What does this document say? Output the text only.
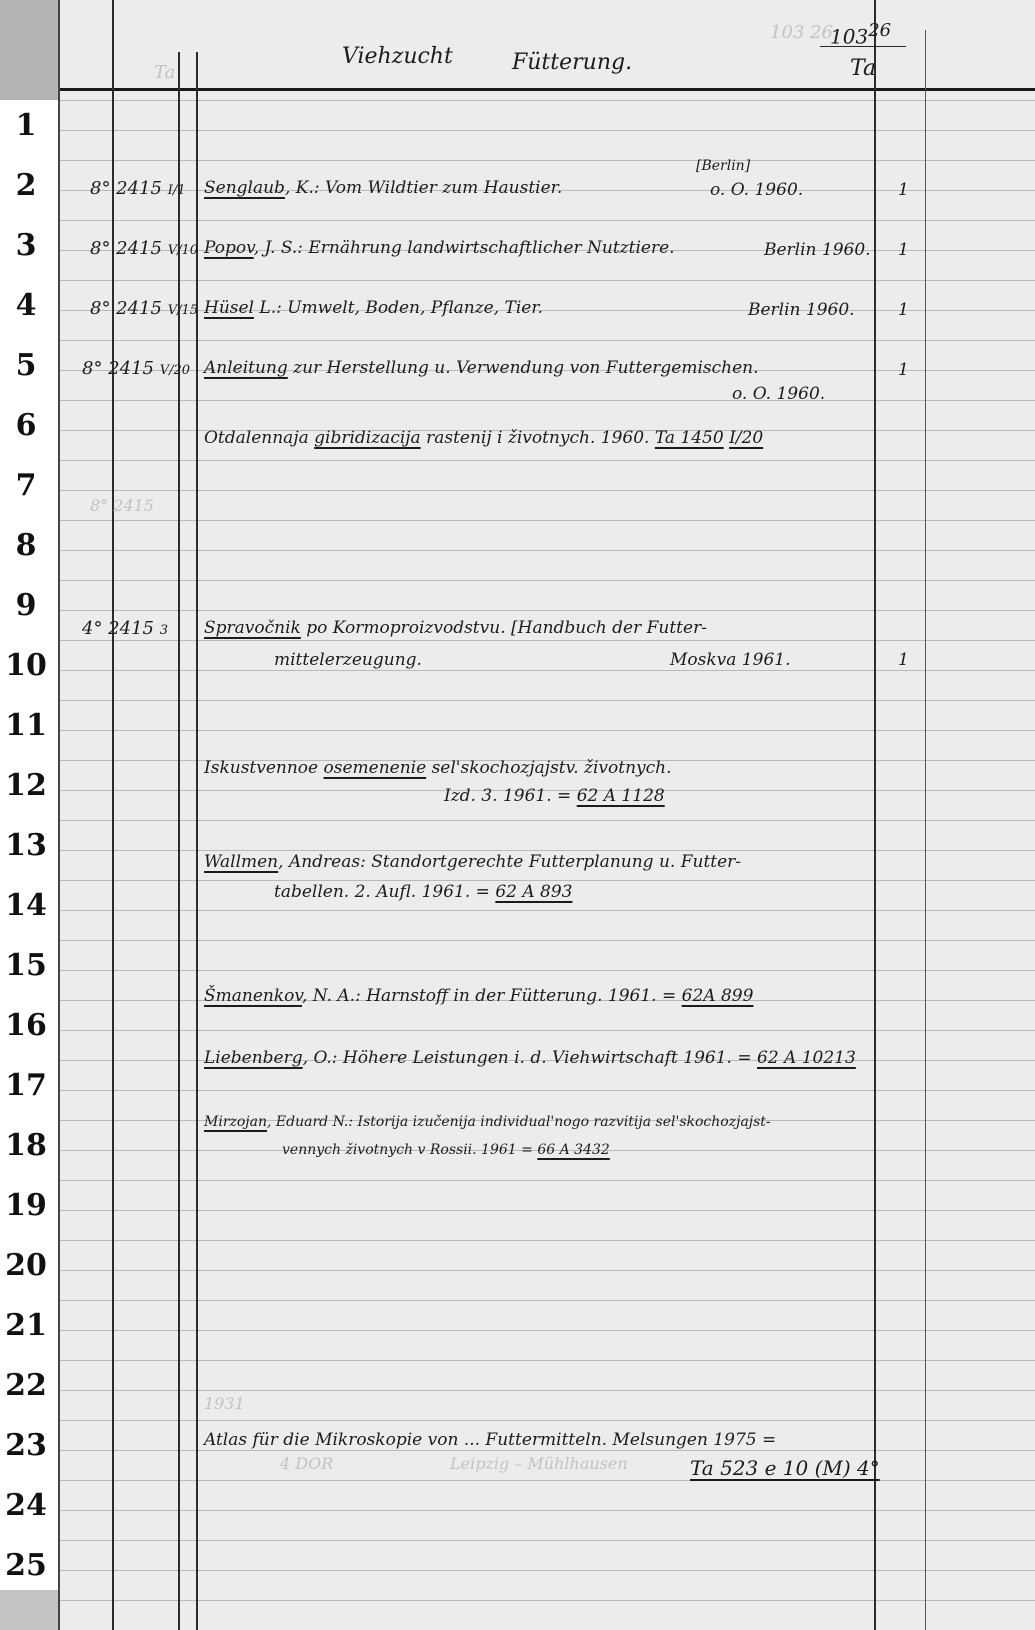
1
2
3
4
5
6
7
8
9
10
11
12
13
14
15
16
17
18
19
20
21
22
23
24
25
Viehzucht	Fütterung.
103 26
Ta
$103^{26}$
Ta
8° 2415 I/1 Senglaub, K.: Vom Wildtier zum Haustier.
[Berlin]
o. O. 1960.	1
8° 2415 V/10 Popov, J. S.: Ernährung landwirtschaftlicher Nutztiere.	Berlin 1960. 1
8° 2415 V/15 Hüsel L.: Umwelt, Boden, Pflanze, Tier.	Berlin 1960.	1
8° 2415 V/20 Anleitung zur Herstellung u. Verwendung von Futtergemischen.
o. O. 1960.
1
Otdalennaja gibridizacija rastenij i životnych. 1960. Ta 1450 I/20
8° 2415
4° 2415 3 Spravočnik po Kormoproizvodstvu. [Handbuch der Futter-
mittelerzeugung.	Moskva 1961.	1
Iskustvennoe osemenenie sel'skochozjajstv. životnych.
Izd. 3. 1961. = 62 A 1128
Wallmen, Andreas: Standortgerechte Futterplanung u. Futter-
tabellen. 2. Aufl. 1961. = 62 A 893
Šmanenkov, N. A.: Harnstoff in der Fütterung. 1961. = 62A 899
Liebenberg, O.: Höhere Leistungen i. d. Viehwirtschaft 1961. = 62 A 10213
Mirzojan, Eduard N.: Istorija izučenija individual'nogo razvitija sel'skochozjajst-
vennych životnych v Rossii. 1961 = 66 A 3432
1931
4 DOR	Leipzig – Mühlhausen
Atlas für die Mikroskopie von ... Futtermitteln. Melsungen 1975 =
Ta 523 e 10 (M) 4°
